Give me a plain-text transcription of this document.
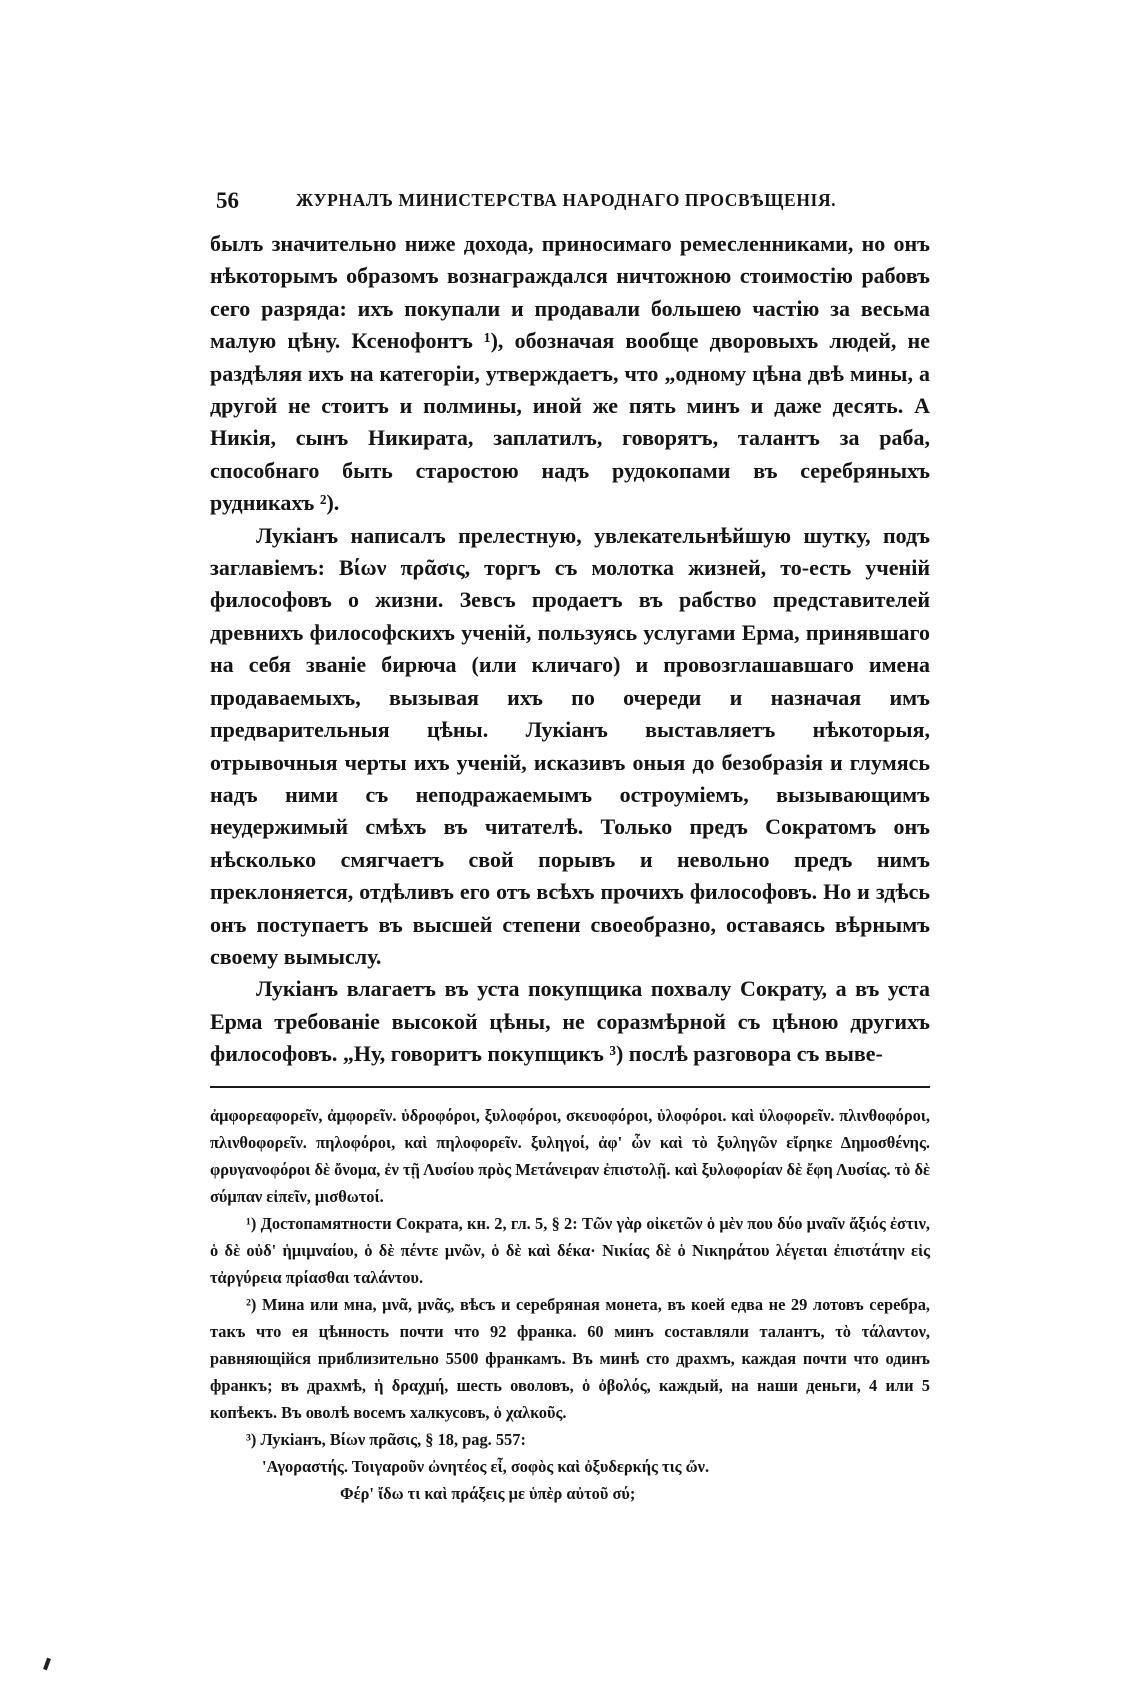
56	ЖУРНАЛЪ МИНИСТЕРСТВА НАРОДНАГО ПРОСВѢЩЕНІЯ.

былъ значительно ниже дохода, приносимаго ремесленниками, но онъ нѣкоторымъ образомъ вознаграждался ничтожною стоимостію рабовъ сего разряда: ихъ покупали и продавали большею частію за весьма малую цѣну. Ксенофонтъ ¹), обозначая вообще дворовыхъ людей, не раздѣляя ихъ на категоріи, утверждаетъ, что „одному цѣна двѣ мины, а другой не стоитъ и полмины, иной же пять минъ и даже десять. А Никія, сынъ Никирата, заплатилъ, говорятъ, талантъ за раба, способнаго быть старостою надъ рудокопами въ серебряныхъ рудникахъ ²).

Лукіанъ написалъ прелестную, увлекательнѣйшую шутку, подъ заглавіемъ: Βίων πρᾶσις, торгъ съ молотка жизней, то-есть ученій философовъ о жизни. Зевсъ продаетъ въ рабство представителей древнихъ философскихъ ученій, пользуясь услугами Ерма, принявшаго на себя званіе бирюча (или кличаго) и провозглашавшаго имена продаваемыхъ, вызывая ихъ по очереди и назначая имъ предварительныя цѣны. Лукіанъ выставляетъ нѣкоторыя, отрывочныя черты ихъ ученій, исказивъ оныя до безобразія и глумясь надъ ними съ неподражаемымъ остроуміемъ, вызывающимъ неудержимый смѣхъ въ читателѣ. Только предъ Сократомъ онъ нѣсколько смягчаетъ свой порывъ и невольно предъ нимъ преклоняется, отдѣливъ его отъ всѣхъ прочихъ философовъ. Но и здѣсь онъ поступаетъ въ высшей степени своеобразно, оставаясь вѣрнымъ своему вымыслу.

Лукіанъ влагаетъ въ уста покупщика похвалу Сократу, а въ уста Ерма требованіе высокой цѣны, не соразмѣрной съ цѣною другихъ философовъ. „Ну, говоритъ покупщикъ ³) послѣ разговора съ выве-

ἀμφορεαφορεῖν, ἀμφορεῖν. ὑδροφόροι, ξυλοφόροι, σκευοφόροι, ὑλοφόροι. καὶ ὑλοφορεῖν. πλινθοφόροι, πλινθοφορεῖν. πηλοφόροι, καὶ πηλοφορεῖν. ξυληγοί, ἀφ' ὧν καὶ τὸ ξυληγῶν εἴρηκε Δημοσθένης. φρυγανοφόροι δὲ ὄνομα, ἐν τῇ Λυσίου πρὸς Μετάνειραν ἐπιστολῇ. καὶ ξυλοφορίαν δὲ ἔφη Λυσίας. τὸ δὲ σύμπαν εἰπεῖν, μισθωτοί.

¹) Достопамятности Сократа, кн. 2, гл. 5, § 2: Τῶν γὰρ οἰκετῶν ὁ μὲν που δύο μναῖν ἄξιός ἐστιν, ὁ δὲ οὐδ' ἡμιμναίου, ὁ δὲ πέντε μνῶν, ὁ δὲ καὶ δέκα· Νικίας δὲ ὁ Νικηράτου λέγεται ἐπιστάτην εἰς τἀργύρεια πρίασθαι ταλάντου.

²) Мина или мна, μνᾶ, μνᾶς, вѣсъ и серебряная монета, въ коей едва не 29 лотовъ серебра, такъ что ея цѣнность почти что 92 франка. 60 минъ составляли талантъ, τὸ τάλαντον, равняющійся приблизительно 5500 франкамъ. Въ минѣ сто драхмъ, каждая почти что одинъ франкъ; въ драхмѣ, ἡ δραχμή, шесть оволовъ, ὁ ὀβολός, каждый, на наши деньги, 4 или 5 копѣекъ. Въ оволѣ восемъ халкусовъ, ὁ χαλκοῦς.

³) Лукіанъ, Βίων πρᾶσις, § 18, pag. 557:

'Αγοραστής. Τοιγαροῦν ὠνητέος εἶ, σοφὸς καὶ ὀξυδερκής τις ὤν.

Φέρ' ἴδω τι καὶ πράξεις με ὑπὲρ αὐτοῦ σύ;
